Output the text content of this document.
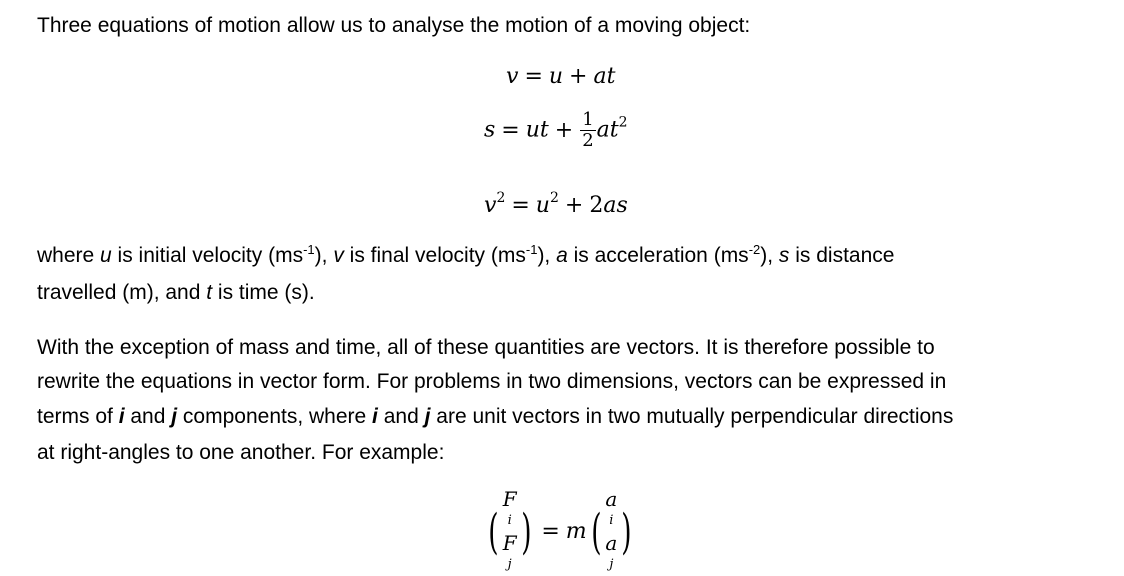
Three equations of motion allow us to analyse the motion of a moving object:
v = u + at
s = ut + $\frac{1}{2} at^2$
$v^2 = u^2 + 2as$
where u is initial velocity $(ms^{-1})$, v is final velocity $(ms^{-1})$, a is acceleration $(ms^{-2})$, s is distance
travelled (m), and t is time (s).
With the exception of mass and time, all of these quantities are vectors. It is therefore possible to
rewrite the equations in vector form. For problems in two dimensions, vectors can be expressed in
terms of i and j components, where i and j are unit vectors in two mutually perpendicular directions
at right-angles to one another. For example:
(
F
i
F
j
) = m(
a
i
a
j
)
